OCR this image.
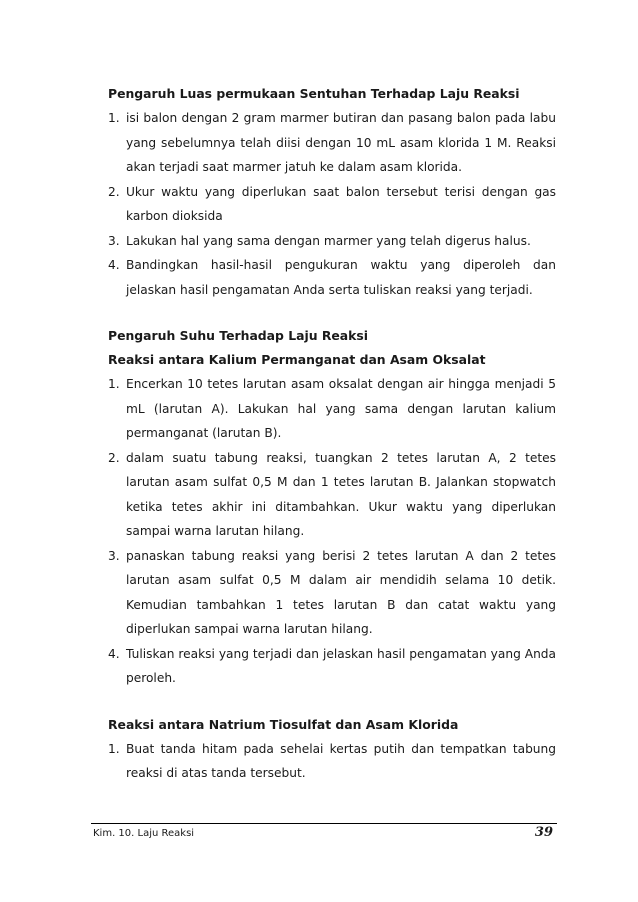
Pengaruh Luas permukaan Sentuhan Terhadap Laju Reaksi

1. isi balon dengan 2 gram marmer butiran dan pasang balon pada labu yang sebelumnya telah diisi dengan 10 mL asam klorida 1 M. Reaksi akan terjadi saat marmer jatuh ke dalam asam klorida.
2. Ukur waktu yang diperlukan saat balon tersebut terisi dengan gas karbon dioksida
3. Lakukan hal yang sama dengan marmer yang telah digerus halus.
4. Bandingkan hasil-hasil pengukuran waktu yang diperoleh dan jelaskan hasil pengamatan Anda serta tuliskan reaksi yang terjadi.

Pengaruh Suhu Terhadap Laju Reaksi

Reaksi antara Kalium Permanganat dan Asam Oksalat

1. Encerkan 10 tetes larutan asam oksalat dengan air hingga menjadi 5 mL (larutan A). Lakukan hal yang sama dengan larutan kalium permanganat (larutan B).
2. dalam suatu tabung reaksi, tuangkan 2 tetes larutan A, 2 tetes larutan asam sulfat 0,5 M dan 1 tetes larutan B. Jalankan stopwatch ketika tetes akhir ini ditambahkan. Ukur waktu yang diperlukan sampai warna larutan hilang.
3. panaskan tabung reaksi yang berisi 2 tetes larutan A dan 2 tetes larutan asam sulfat 0,5 M dalam air mendidih selama 10 detik. Kemudian tambahkan 1 tetes larutan B dan catat waktu yang diperlukan sampai warna larutan hilang.
4. Tuliskan reaksi yang terjadi dan jelaskan hasil pengamatan yang Anda peroleh.

Reaksi antara Natrium Tiosulfat dan Asam Klorida

1. Buat tanda hitam pada sehelai kertas putih dan tempatkan tabung reaksi di atas tanda tersebut.
Kim. 10. Laju Reaksi	39
